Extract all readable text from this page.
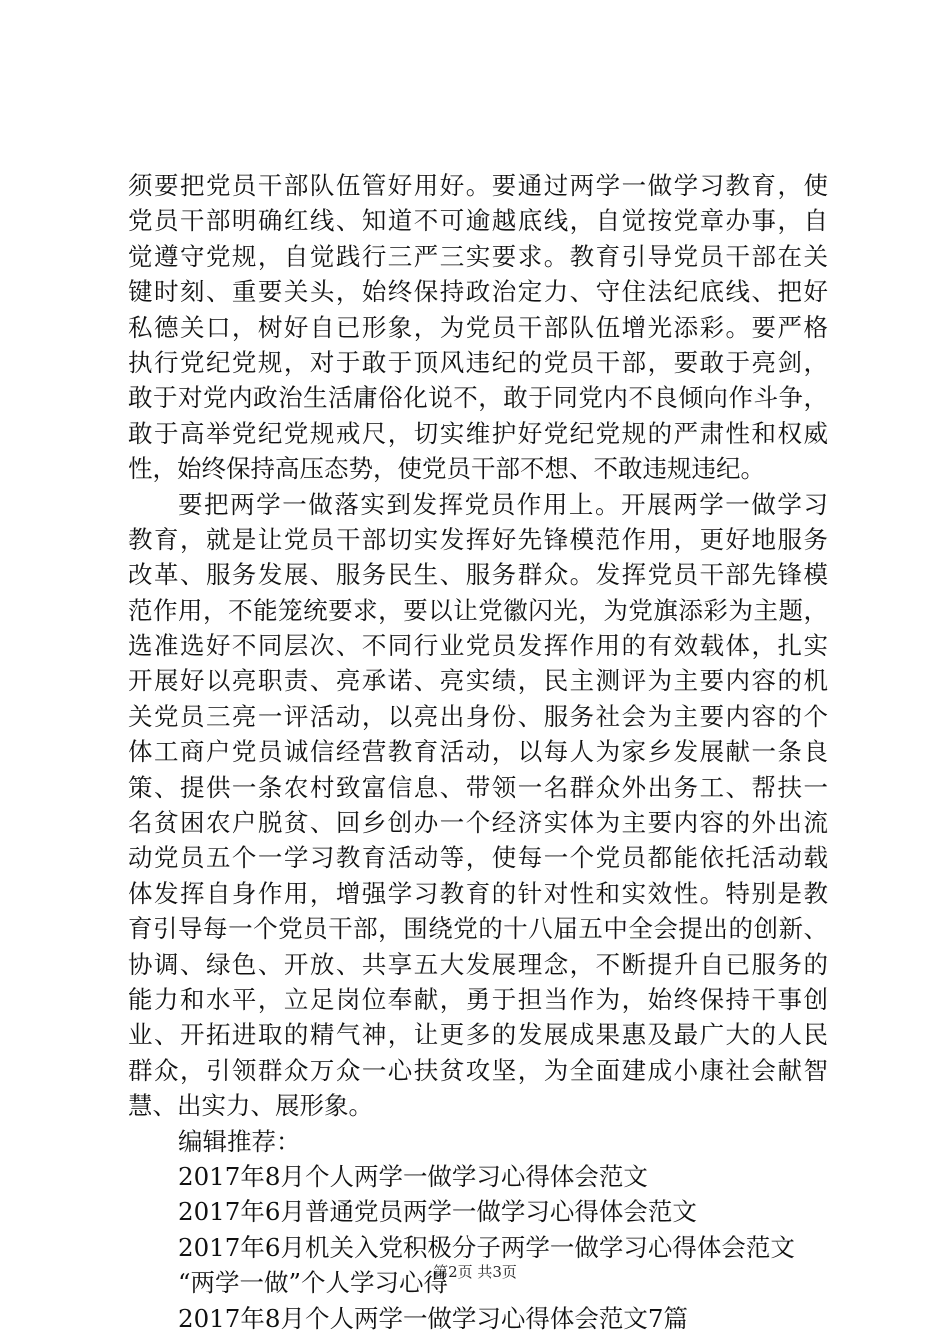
须要把党员干部队伍管好用好。要通过两学一做学习教育，使
党员干部明确红线、知道不可逾越底线，自觉按党章办事，自
觉遵守党规，自觉践行三严三实要求。教育引导党员干部在关
键时刻、重要关头，始终保持政治定力、守住法纪底线、把好
私德关口，树好自已形象，为党员干部队伍增光添彩。要严格
执行党纪党规，对于敢于顶风违纪的党员干部，要敢于亮剑，
敢于对党内政治生活庸俗化说不，敢于同党内不良倾向作斗争，
敢于高举党纪党规戒尺，切实维护好党纪党规的严肃性和权威
性，始终保持高压态势，使党员干部不想、不敢违规违纪。
要把两学一做落实到发挥党员作用上。开展两学一做学习
教育，就是让党员干部切实发挥好先锋模范作用，更好地服务
改革、服务发展、服务民生、服务群众。发挥党员干部先锋模
范作用，不能笼统要求，要以让党徽闪光，为党旗添彩为主题，
选准选好不同层次、不同行业党员发挥作用的有效载体，扎实
开展好以亮职责、亮承诺、亮实绩，民主测评为主要内容的机
关党员三亮一评活动，以亮出身份、服务社会为主要内容的个
体工商户党员诚信经营教育活动，以每人为家乡发展献一条良
策、提供一条农村致富信息、带领一名群众外出务工、帮扶一
名贫困农户脱贫、回乡创办一个经济实体为主要内容的外出流
动党员五个一学习教育活动等，使每一个党员都能依托活动载
体发挥自身作用，增强学习教育的针对性和实效性。特别是教
育引导每一个党员干部，围绕党的十八届五中全会提出的创新、
协调、绿色、开放、共享五大发展理念，不断提升自已服务的
能力和水平，立足岗位奉献，勇于担当作为，始终保持干事创
业、开拓进取的精气神，让更多的发展成果惠及最广大的人民
群众，引领群众万众一心扶贫攻坚，为全面建成小康社会献智
慧、出实力、展形象。
编辑推荐：
2017年8月个人两学一做学习心得体会范文
2017年6月普通党员两学一做学习心得体会范文
2017年6月机关入党积极分子两学一做学习心得体会范文
“两学一做”个人学习心得
2017年8月个人两学一做学习心得体会范文7篇
第2页 共3页
